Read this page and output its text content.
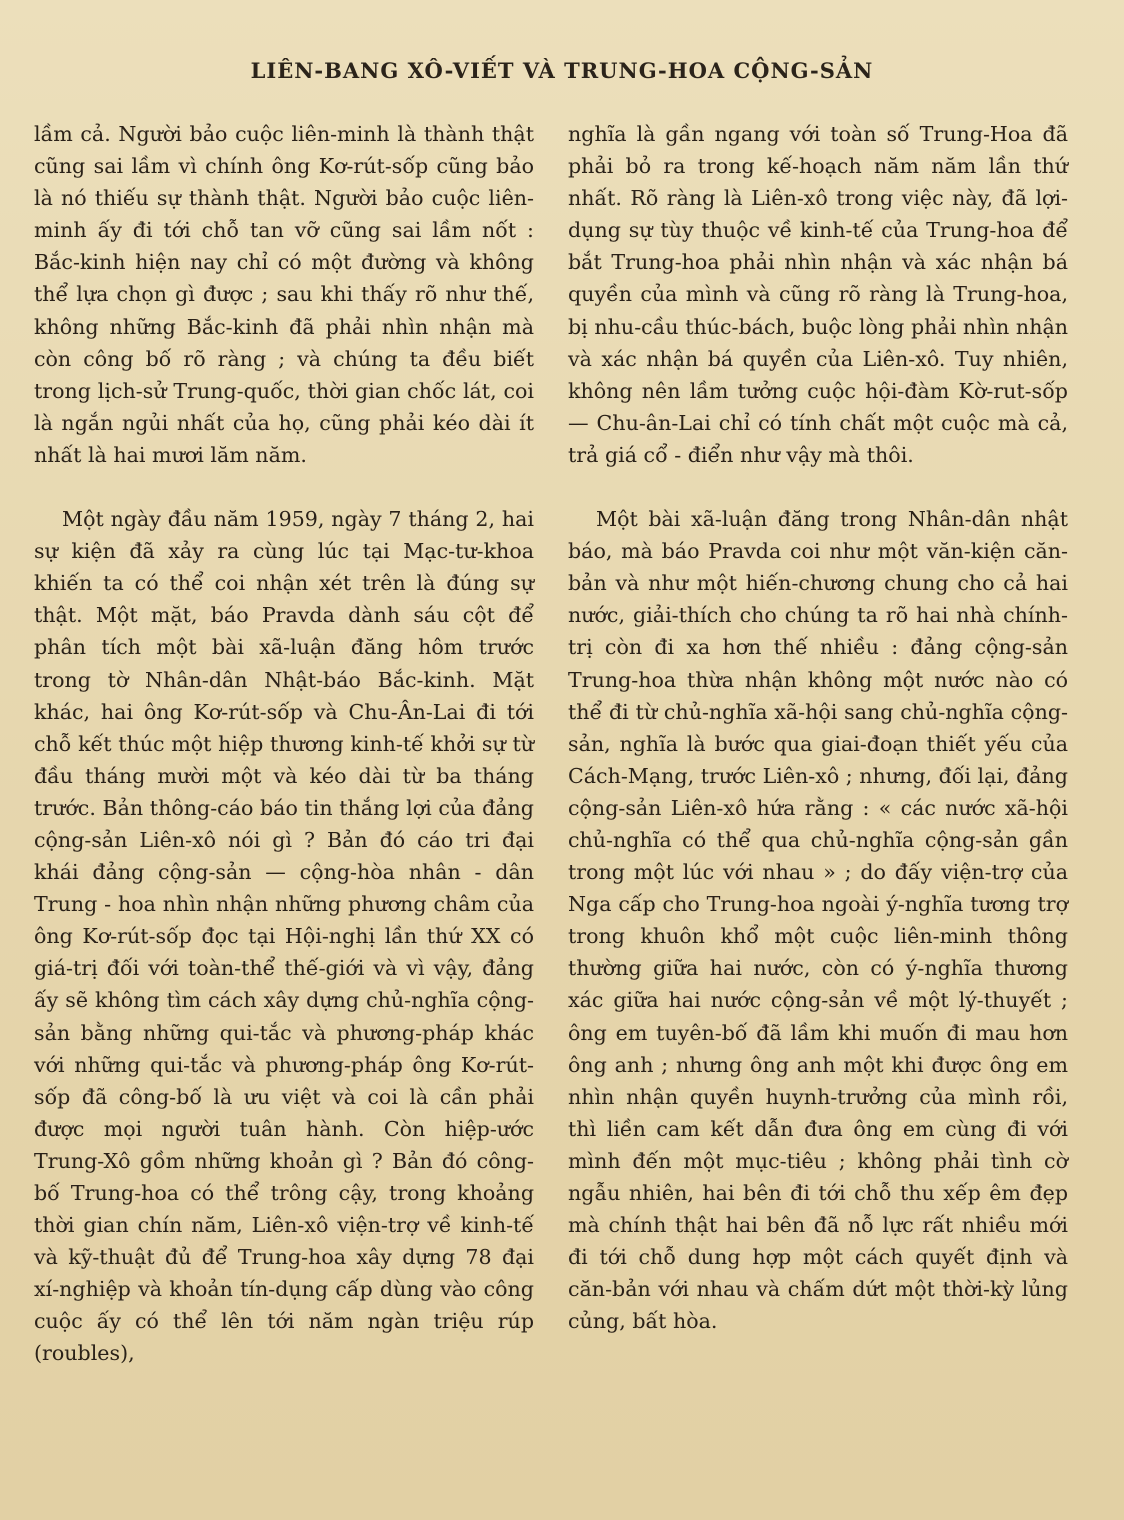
LIÊN-BANG XÔ-VIẾT VÀ TRUNG-HOA CỘNG-SẢN

lầm cả. Người bảo cuộc liên-minh là thành thật cũng sai lầm vì chính ông Kơ-rút-sốp cũng bảo là nó thiếu sự thành thật. Người bảo cuộc liên-minh ấy đi tới chỗ tan vỡ cũng sai lầm nốt : Bắc-kinh hiện nay chỉ có một đường và không thể lựa chọn gì được ; sau khi thấy rõ như thế, không những Bắc-kinh đã phải nhìn nhận mà còn công bố rõ ràng ; và chúng ta đều biết trong lịch-sử Trung-quốc, thời gian chốc lát, coi là ngắn ngủi nhất của họ, cũng phải kéo dài ít nhất là hai mươi lăm năm.

Một ngày đầu năm 1959, ngày 7 tháng 2, hai sự kiện đã xảy ra cùng lúc tại Mạc-tư-khoa khiến ta có thể coi nhận xét trên là đúng sự thật. Một mặt, báo Pravda dành sáu cột để phân tích một bài xã-luận đăng hôm trước trong tờ Nhân-dân Nhật-báo Bắc-kinh. Mặt khác, hai ông Kơ-rút-sốp và Chu-Ân-Lai đi tới chỗ kết thúc một hiệp thương kinh-tế khởi sự từ đầu tháng mười một và kéo dài từ ba tháng trước. Bản thông-cáo báo tin thắng lợi của đảng cộng-sản Liên-xô nói gì ? Bản đó cáo tri đại khái đảng cộng-sản — cộng-hòa nhân - dân Trung - hoa nhìn nhận những phương châm của ông Kơ-rút-sốp đọc tại Hội-nghị lần thứ XX có giá-trị đối với toàn-thể thế-giới và vì vậy, đảng ấy sẽ không tìm cách xây dựng chủ-nghĩa cộng-sản bằng những qui-tắc và phương-pháp khác với những qui-tắc và phương-pháp ông Kơ-rút-sốp đã công-bố là ưu việt và coi là cần phải được mọi người tuân hành. Còn hiệp-ước Trung-Xô gồm những khoản gì ? Bản đó công-bố Trung-hoa có thể trông cậy, trong khoảng thời gian chín năm, Liên-xô viện-trợ về kinh-tế và kỹ-thuật đủ để Trung-hoa xây dựng 78 đại xí-nghiệp và khoản tín-dụng cấp dùng vào công cuộc ấy có thể lên tới năm ngàn triệu rúp (roubles),

nghĩa là gần ngang với toàn số Trung-Hoa đã phải bỏ ra trong kế-hoạch năm năm lần thứ nhất. Rõ ràng là Liên-xô trong việc này, đã lợi-dụng sự tùy thuộc về kinh-tế của Trung-hoa để bắt Trung-hoa phải nhìn nhận và xác nhận bá quyền của mình và cũng rõ ràng là Trung-hoa, bị nhu-cầu thúc-bách, buộc lòng phải nhìn nhận và xác nhận bá quyền của Liên-xô. Tuy nhiên, không nên lầm tưởng cuộc hội-đàm Kờ-rut-sốp — Chu-ân-Lai chỉ có tính chất một cuộc mà cả, trả giá cổ - điển như vậy mà thôi.

Một bài xã-luận đăng trong Nhân-dân nhật báo, mà báo Pravda coi như một văn-kiện căn-bản và như một hiến-chương chung cho cả hai nước, giải-thích cho chúng ta rõ hai nhà chính-trị còn đi xa hơn thế nhiều : đảng cộng-sản Trung-hoa thừa nhận không một nước nào có thể đi từ chủ-nghĩa xã-hội sang chủ-nghĩa cộng-sản, nghĩa là bước qua giai-đoạn thiết yếu của Cách-Mạng, trước Liên-xô ; nhưng, đối lại, đảng cộng-sản Liên-xô hứa rằng : « các nước xã-hội chủ-nghĩa có thể qua chủ-nghĩa cộng-sản gần trong một lúc với nhau » ; do đấy viện-trợ của Nga cấp cho Trung-hoa ngoài ý-nghĩa tương trợ trong khuôn khổ một cuộc liên-minh thông thường giữa hai nước, còn có ý-nghĩa thương xác giữa hai nước cộng-sản về một lý-thuyết ; ông em tuyên-bố đã lầm khi muốn đi mau hơn ông anh ; nhưng ông anh một khi được ông em nhìn nhận quyền huynh-trưởng của mình rồi, thì liền cam kết dẫn đưa ông em cùng đi với mình đến một mục-tiêu ; không phải tình cờ ngẫu nhiên, hai bên đi tới chỗ thu xếp êm đẹp mà chính thật hai bên đã nỗ lực rất nhiều mới đi tới chỗ dung hợp một cách quyết định và căn-bản với nhau và chấm dứt một thời-kỳ lủng củng, bất hòa.
